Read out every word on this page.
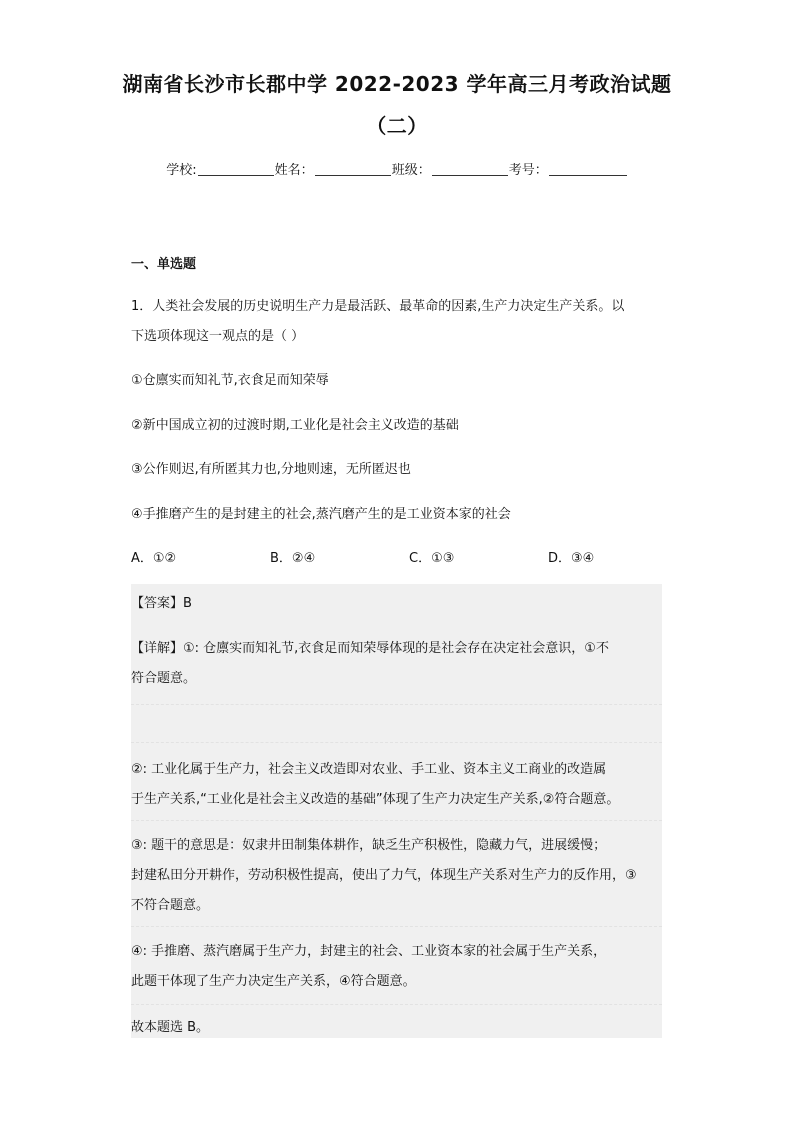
湖南省长沙市长郡中学 2022-2023 学年高三月考政治试题
（二）
学校:	姓名：	班级：	考号：
一、单选题
1．人类社会发展的历史说明生产力是最活跃、最革命的因素,生产力决定生产关系。以
下选项体现这一观点的是（ ）
①仓廪实而知礼节,衣食足而知荣辱
②新中国成立初的过渡时期,工业化是社会主义改造的基础
③公作则迟,有所匿其力也,分地则速，无所匿迟也
④手推磨产生的是封建主的社会,蒸汽磨产生的是工业资本家的社会
A．①②	B．②④	C．①③	D．③④
【答案】B
【详解】①: 仓廪实而知礼节,衣食足而知荣辱体现的是社会存在决定社会意识，①不
符合题意。
②: 工业化属于生产力，社会主义改造即对农业、手工业、资本主义工商业的改造属
于生产关系,“工业化是社会主义改造的基础”体现了生产力决定生产关系,②符合题意。
③: 题干的意思是：奴隶井田制集体耕作，缺乏生产积极性，隐藏力气，进展缓慢；
封建私田分开耕作，劳动积极性提高，使出了力气，体现生产关系对生产力的反作用，③
不符合题意。
④: 手推磨、蒸汽磨属于生产力，封建主的社会、工业资本家的社会属于生产关系，
此题干体现了生产力决定生产关系，④符合题意。
故本题选 B。
